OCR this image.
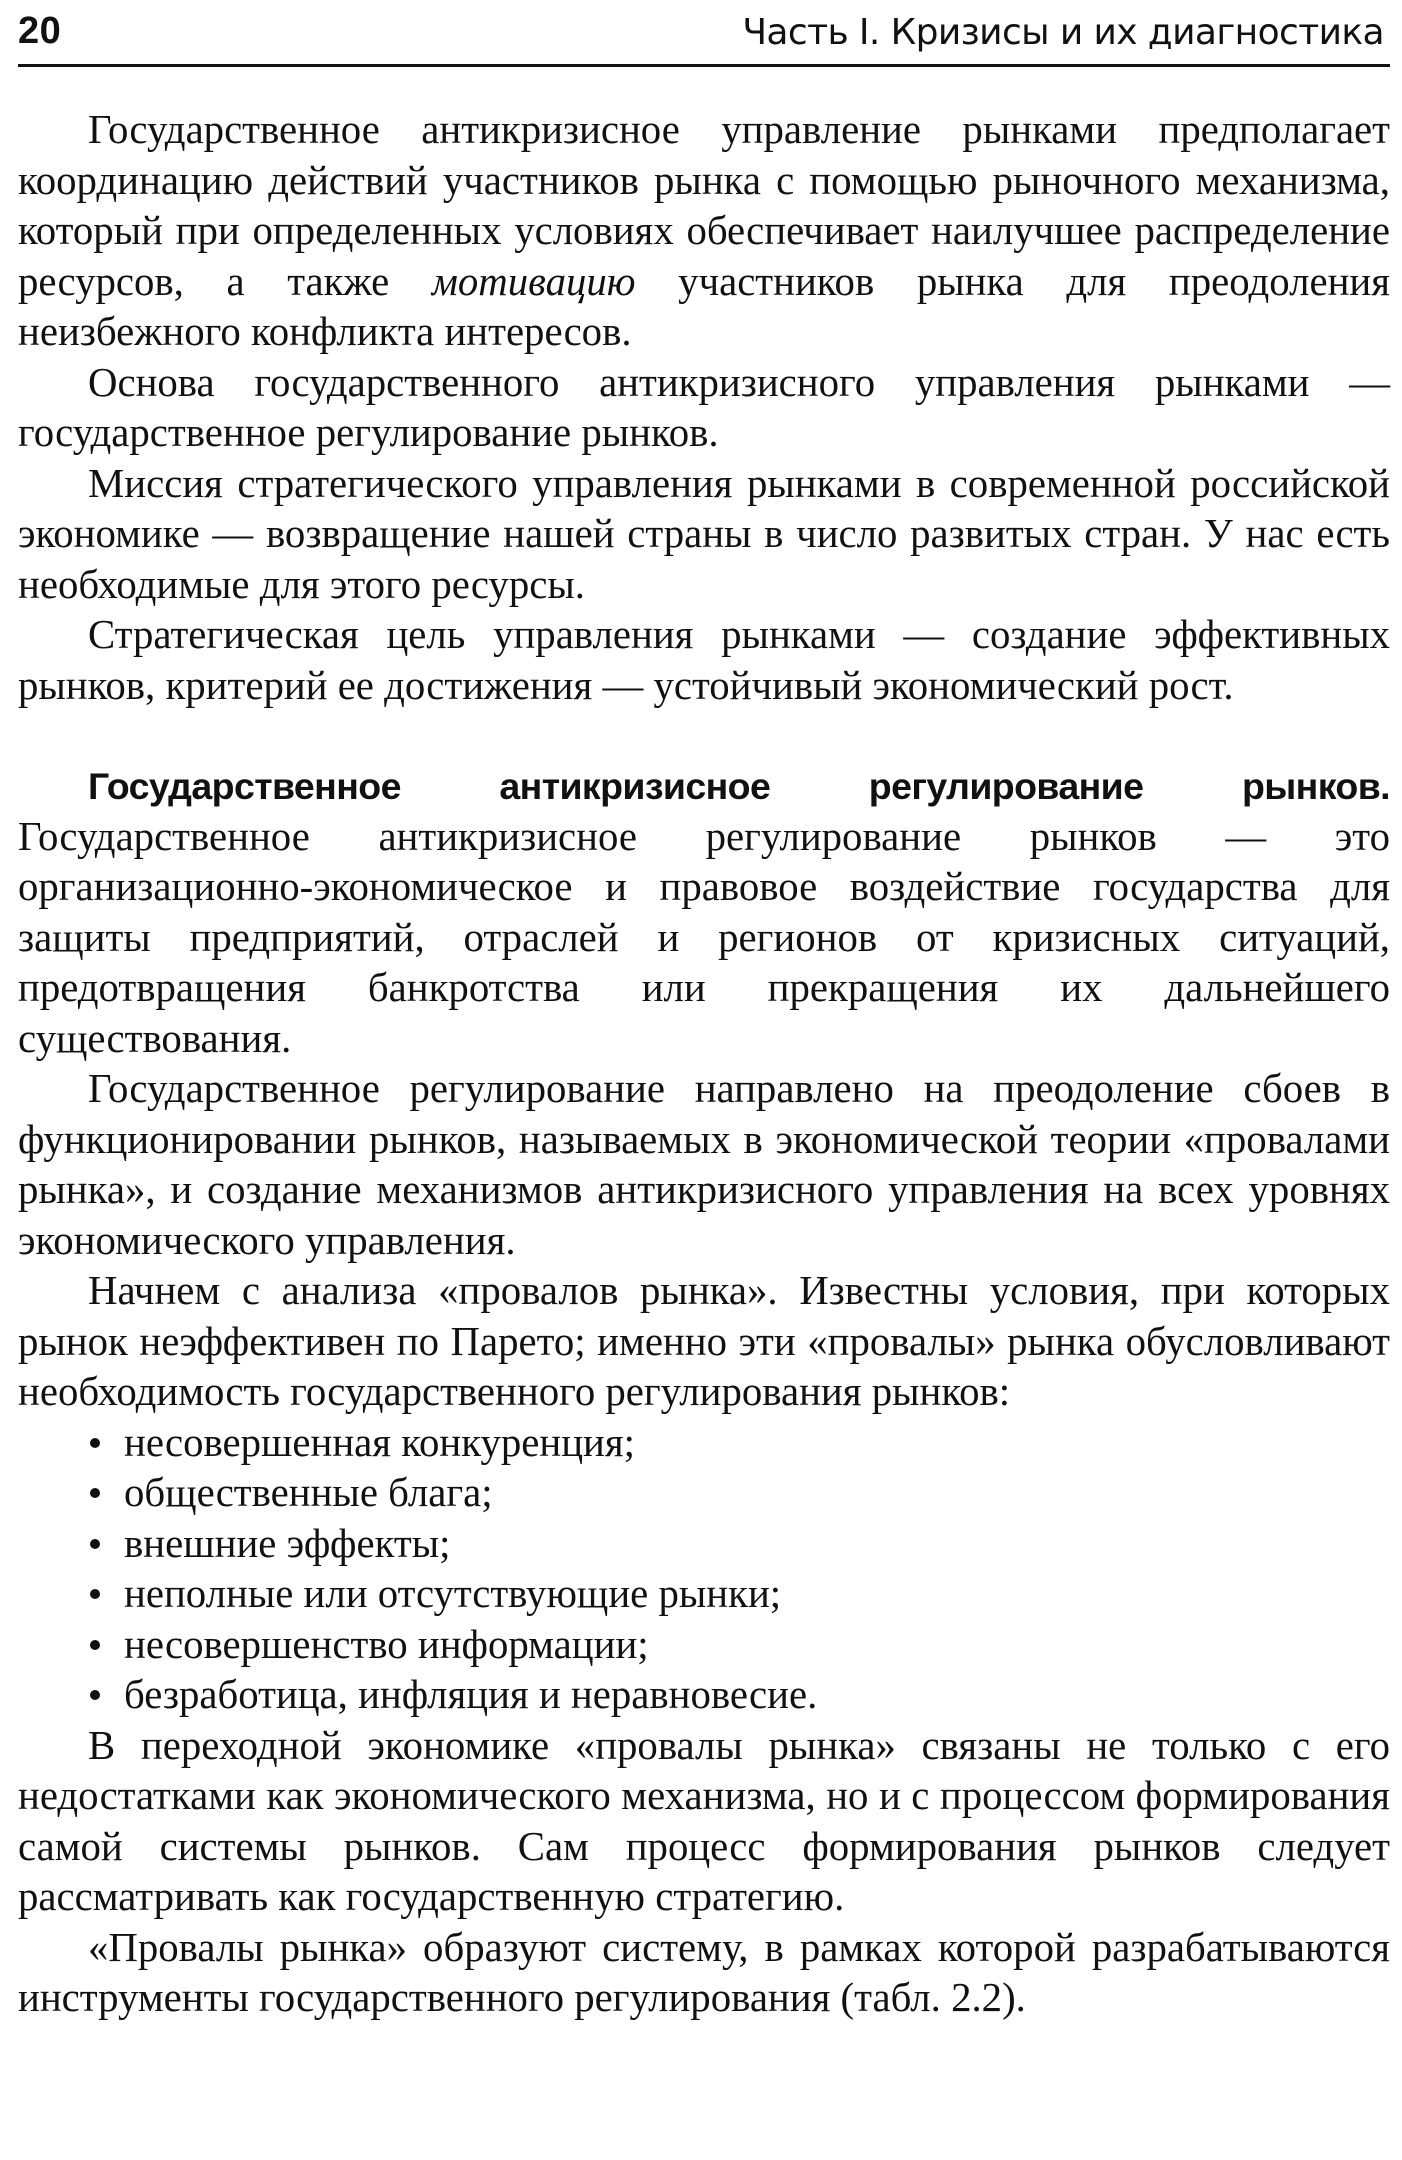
20	Часть I. Кризисы и их диагностика

Государственное антикризисное управление рынками предполагает координацию действий участников рынка с помощью рыночного механизма, который при определенных условиях обеспечивает наилучшее распределение ресурсов, а также мотивацию участников рынка для преодоления неизбежного конфликта интересов.

Основа государственного антикризисного управления рынками — государственное регулирование рынков.

Миссия стратегического управления рынками в современной российской экономике — возвращение нашей страны в число развитых стран. У нас есть необходимые для этого ресурсы.

Стратегическая цель управления рынками — создание эффективных рынков, критерий ее достижения — устойчивый экономический рост.

Государственное антикризисное регулирование рынков. Государственное антикризисное регулирование рынков — это организационно-экономическое и правовое воздействие государства для защиты предприятий, отраслей и регионов от кризисных ситуаций, предотвращения банкротства или прекращения их дальнейшего существования.

Государственное регулирование направлено на преодоление сбоев в функционировании рынков, называемых в экономической теории «провалами рынка», и создание механизмов антикризисного управления на всех уровнях экономического управления.

Начнем с анализа «провалов рынка». Известны условия, при которых рынок неэффективен по Парето; именно эти «провалы» рынка обусловливают необходимость государственного регулирования рынков:

несовершенная конкуренция;
общественные блага;
внешние эффекты;
неполные или отсутствующие рынки;
несовершенство информации;
безработица, инфляция и неравновесие.

В переходной экономике «провалы рынка» связаны не только с его недостатками как экономического механизма, но и с процессом формирования самой системы рынков. Сам процесс формирования рынков следует рассматривать как государственную стратегию.

«Провалы рынка» образуют систему, в рамках которой разрабатываются инструменты государственного регулирования (табл. 2.2).
